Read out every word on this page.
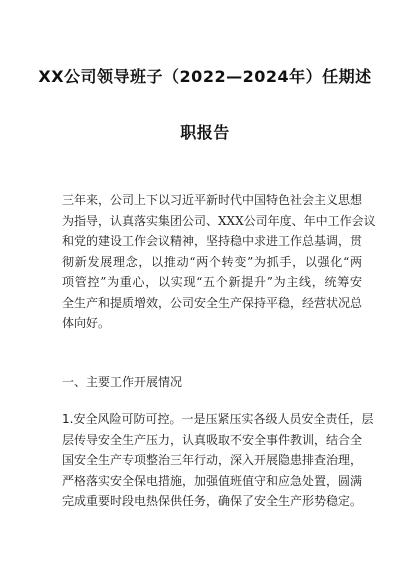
XX公司领导班子（2022—2024年）任期述
职报告
三年来，公司上下以习近平新时代中国特色社会主义思想
为指导，认真落实集团公司、XXX公司年度、年中工作会议
和党的建设工作会议精神，坚持稳中求进工作总基调，贯
彻新发展理念，以推动“两个转变”为抓手，以强化“两
项管控”为重心，以实现“五个新提升”为主线，统筹安
全生产和提质增效，公司安全生产保持平稳，经营状况总
体向好。
一、主要工作开展情况
1.安全风险可防可控。一是压紧压实各级人员安全责任，层
层传导安全生产压力，认真吸取不安全事件教训，结合全
国安全生产专项整治三年行动，深入开展隐患排查治理，
严格落实安全保电措施，加强值班值守和应急处置，圆满
完成重要时段电热保供任务，确保了安全生产形势稳定。
